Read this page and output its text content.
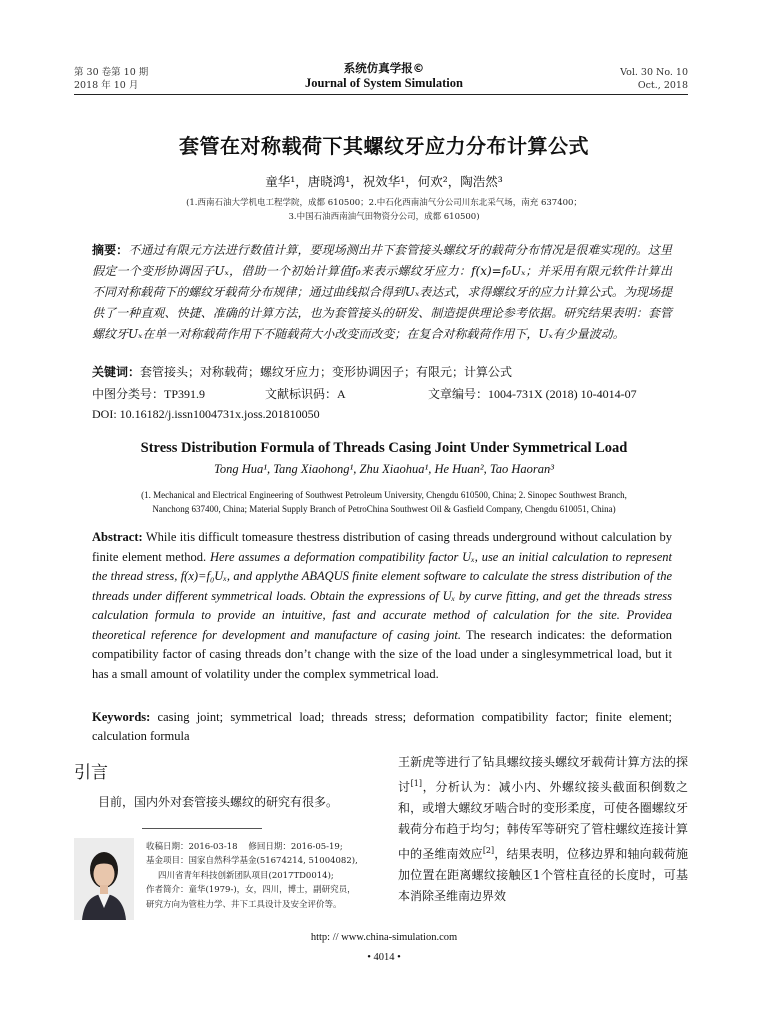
第 30 卷第 10 期
2018 年 10 月
系统仿真学报©
Journal of System Simulation
Vol. 30 No. 10
Oct., 2018
套管在对称载荷下其螺纹牙应力分布计算公式
童华¹，唐晓鸿¹，祝效华¹，何欢²，陶浩然³
(1.西南石油大学机电工程学院，成都 610500；2.中石化西南油气分公司川东北采气场，南充 637400；
3.中国石油西南油气田物资分公司，成都 610500)
摘要：不通过有限元方法进行数值计算，要现场测出井下套管接头螺纹牙的载荷分布情况是很难实现的。这里假定一个变形协调因子Uₓ，借助一个初始计算值f₀来表示螺纹牙应力：f(x)=f₀Uₓ；并采用有限元软件计算出不同对称载荷下的螺纹牙载荷分布规律；通过曲线拟合得到Uₓ表达式，求得螺纹牙的应力计算公式。为现场提供了一种直观、快捷、准确的计算方法，也为套管接头的研发、制造提供理论参考依据。研究结果表明：套管螺纹牙Uₓ在单一对称载荷作用下不随载荷大小改变而改变；在复合对称载荷作用下，Uₓ有少量波动。
关键词：套管接头；对称载荷；螺纹牙应力；变形协调因子；有限元；计算公式
中图分类号：TP391.9	文献标识码：A	文章编号：1004-731X (2018) 10-4014-07
DOI: 10.16182/j.issn1004731x.joss.201810050
Stress Distribution Formula of Threads Casing Joint Under Symmetrical Load
Tong Hua¹, Tang Xiaohong¹, Zhu Xiaohua¹, He Huan², Tao Haoran³
(1. Mechanical and Electrical Engineering of Southwest Petroleum University, Chengdu 610500, China; 2. Sinopec Southwest Branch,
Nanchong 637400, China; Material Supply Branch of PetroChina Southwest Oil & Gasfield Company, Chengdu 610051, China)
Abstract: While itis difficult tomeasure thestress distribution of casing threads underground without calculation by finite element method. Here assumes a deformation compatibility factor Uₓ, use an initial calculation to represent the thread stress, f(x)=f₀Uₓ, and applythe ABAQUS finite element software to calculate the stress distribution of the threads under different symmetrical loads. Obtain the expressions of Uₓ by curve fitting, and get the threads stress calculation formula to provide an intuitive, fast and accurate method of calculation for the site. Providea theoretical reference for development and manufacture of casing joint. The research indicates: the deformation compatibility factor of casing threads don’t change with the size of the load under a singlesymmetrical load, but it has a small amount of volatility under the complex symmetrical load.
Keywords: casing joint; symmetrical load; threads stress; deformation compatibility factor; finite element; calculation formula
引言
目前，国内外对套管接头螺纹的研究有很多。
收稿日期：2016-03-18 修回日期：2016-05-19;
基金项目：国家自然科学基金(51674214, 51004082),
四川省青年科技创新团队项目(2017TD0014);
作者简介：童华(1979-)，女，四川，博士，副研究员，
研究方向为管柱力学、井下工具设计及安全评价等。
王新虎等进行了钻具螺纹接头螺纹牙载荷计算方法的探讨[1]，分析认为：减小内、外螺纹接头截面积倒数之和，或增大螺纹牙啮合时的变形柔度，可使各圈螺纹牙载荷分布趋于均匀；韩传军等研究了管柱螺纹连接计算中的圣维南效应[2]，结果表明，位移边界和轴向载荷施加位置在距离螺纹接触区1个管柱直径的长度时，可基本消除圣维南边界效
http: // www.china-simulation.com
• 4014 •
